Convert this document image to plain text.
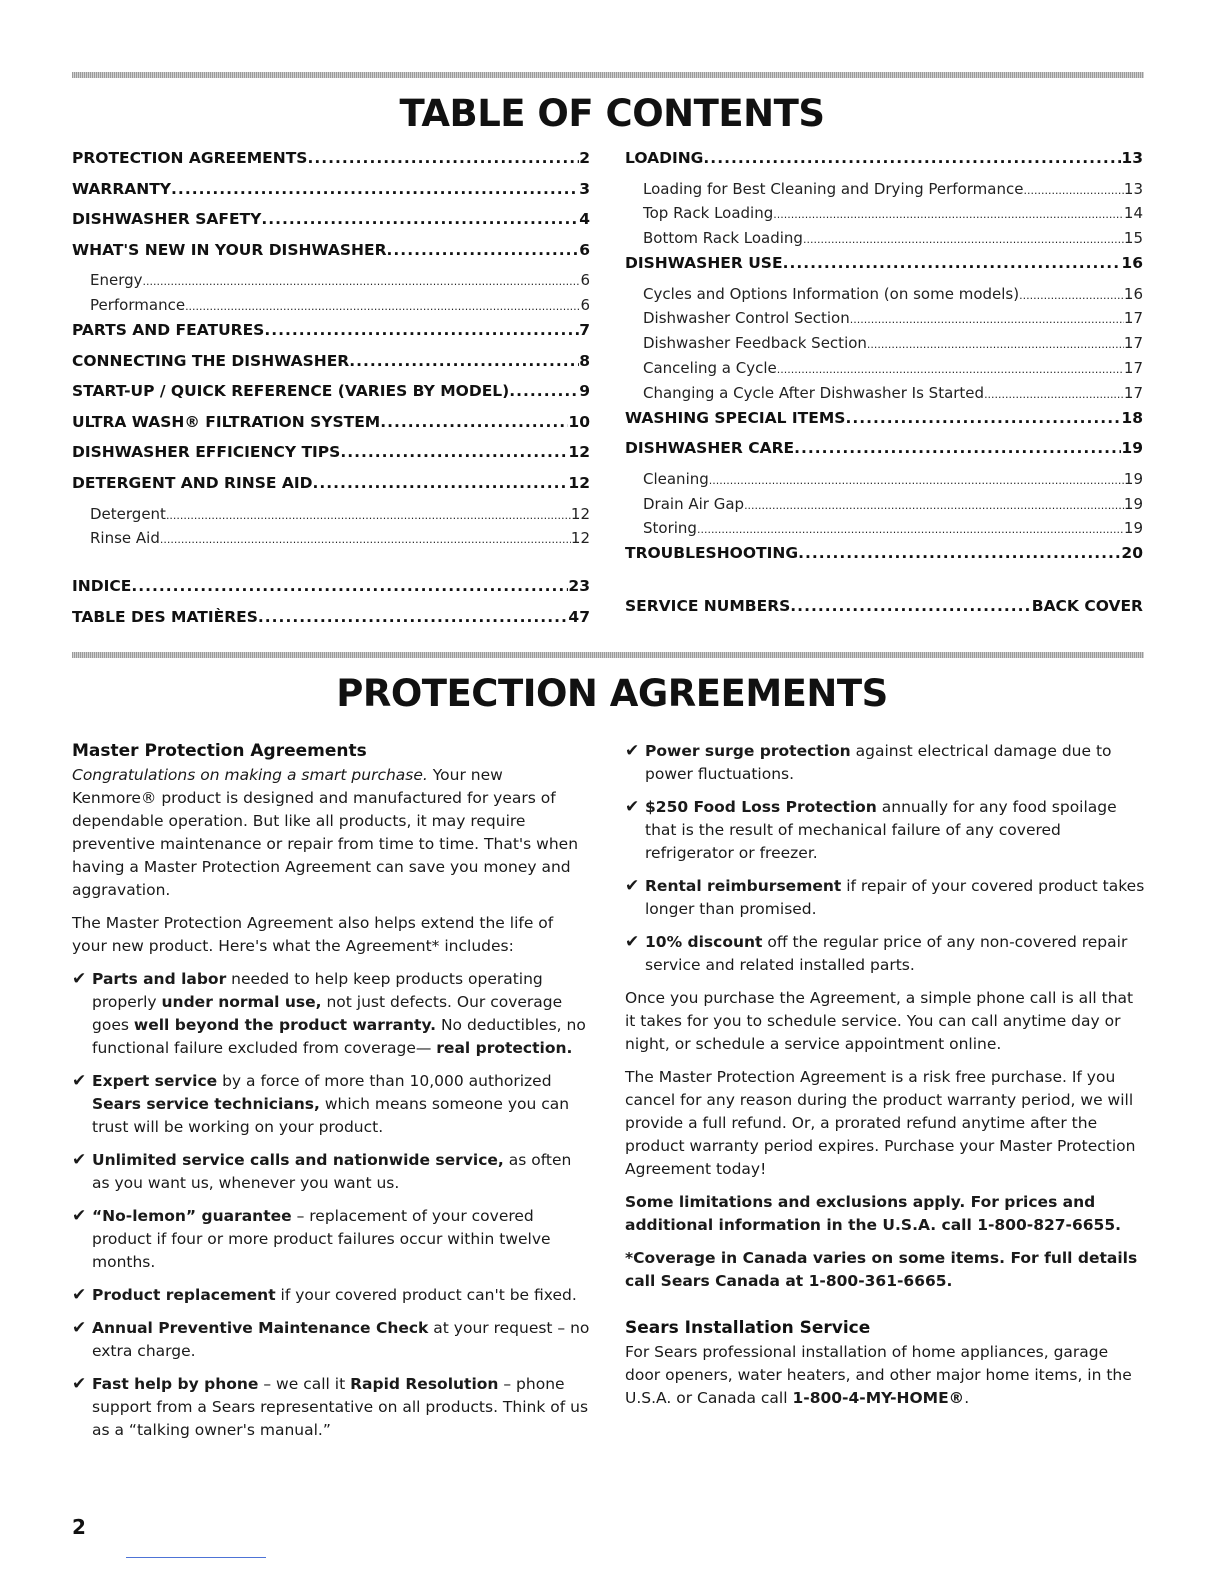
TABLE OF CONTENTS
PROTECTION AGREEMENTS .....	2
WARRANTY .....	3
DISHWASHER SAFETY .....	4
WHAT'S NEW IN YOUR DISHWASHER .....	6
Energy .....	6
Performance .....	6
PARTS AND FEATURES .....	7
CONNECTING THE DISHWASHER .....	8
START-UP / QUICK REFERENCE (VARIES BY MODEL) .....	9
ULTRA WASH® FILTRATION SYSTEM .....	10
DISHWASHER EFFICIENCY TIPS .....	12
DETERGENT AND RINSE AID .....	12
Detergent .....	12
Rinse Aid .....	12
INDICE .....	23
TABLE DES MATIÈRES .....	47
LOADING .....	13
Loading for Best Cleaning and Drying Performance .....	13
Top Rack Loading .....	14
Bottom Rack Loading .....	15
DISHWASHER USE .....	16
Cycles and Options Information (on some models) .....	16
Dishwasher Control Section .....	17
Dishwasher Feedback Section .....	17
Canceling a Cycle .....	17
Changing a Cycle After Dishwasher Is Started .....	17
WASHING SPECIAL ITEMS .....	18
DISHWASHER CARE .....	19
Cleaning .....	19
Drain Air Gap .....	19
Storing .....	19
TROUBLESHOOTING .....	20
SERVICE NUMBERS .....	BACK COVER
PROTECTION AGREEMENTS
Master Protection Agreements

Congratulations on making a smart purchase. Your new Kenmore® product is designed and manufactured for years of dependable operation. But like all products, it may require preventive maintenance or repair from time to time. That's when having a Master Protection Agreement can save you money and aggravation.

The Master Protection Agreement also helps extend the life of your new product. Here's what the Agreement* includes:

✔ Parts and labor needed to help keep products operating properly under normal use, not just defects. Our coverage goes well beyond the product warranty. No deductibles, no functional failure excluded from coverage— real protection.
✔ Expert service by a force of more than 10,000 authorized Sears service technicians, which means someone you can trust will be working on your product.
✔ Unlimited service calls and nationwide service, as often as you want us, whenever you want us.
✔ “No-lemon” guarantee – replacement of your covered product if four or more product failures occur within twelve months.
✔ Product replacement if your covered product can't be fixed.
✔ Annual Preventive Maintenance Check at your request – no extra charge.
✔ Fast help by phone – we call it Rapid Resolution – phone support from a Sears representative on all products. Think of us as a “talking owner's manual.”
✔ Power surge protection against electrical damage due to power fluctuations.
✔ $250 Food Loss Protection annually for any food spoilage that is the result of mechanical failure of any covered refrigerator or freezer.
✔ Rental reimbursement if repair of your covered product takes longer than promised.
✔ 10% discount off the regular price of any non-covered repair service and related installed parts.

Once you purchase the Agreement, a simple phone call is all that it takes for you to schedule service. You can call anytime day or night, or schedule a service appointment online.

The Master Protection Agreement is a risk free purchase. If you cancel for any reason during the product warranty period, we will provide a full refund. Or, a prorated refund anytime after the product warranty period expires. Purchase your Master Protection Agreement today!

Some limitations and exclusions apply. For prices and additional information in the U.S.A. call 1-800-827-6655.

*Coverage in Canada varies on some items. For full details call Sears Canada at 1-800-361-6665.

Sears Installation Service

For Sears professional installation of home appliances, garage door openers, water heaters, and other major home items, in the U.S.A. or Canada call 1-800-4-MY-HOME®.

2
